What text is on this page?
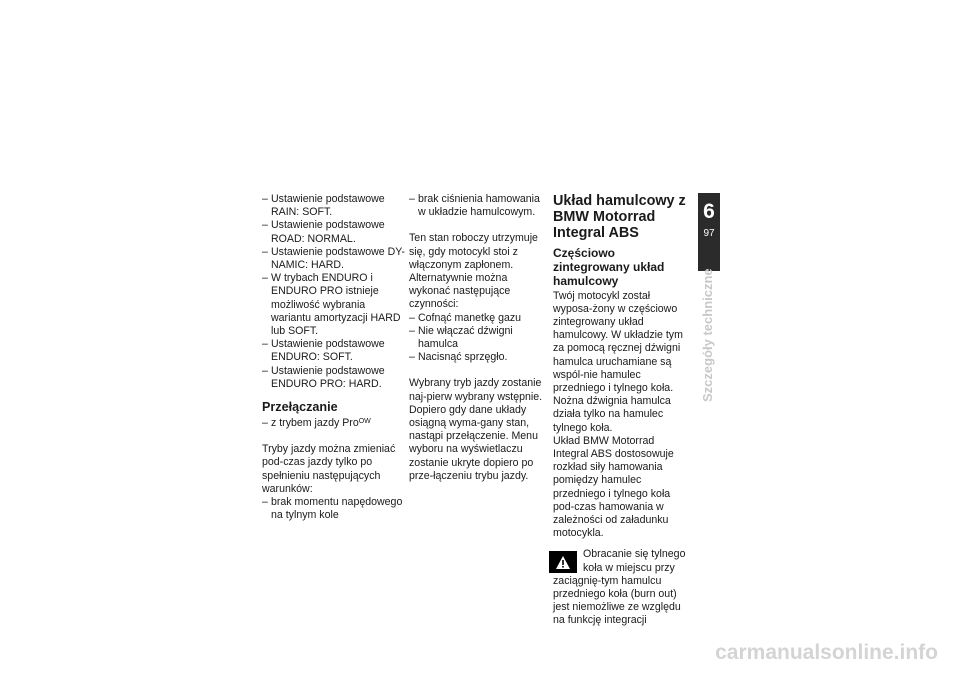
– Ustawienie podstawowe RAIN: SOFT.
– Ustawienie podstawowe ROAD: NORMAL.
– Ustawienie podstawowe DY-NAMIC: HARD.
– W trybach ENDURO i ENDURO PRO istnieje możliwość wybrania wariantu amortyzacji HARD lub SOFT.
– Ustawienie podstawowe ENDURO: SOFT.
– Ustawienie podstawowe ENDURO PRO: HARD.
Przełączanie
– z trybem jazdy Pro$^{OW}$

Tryby jazdy można zmieniać pod-czas jazdy tylko po spełnieniu następujących warunków:

– brak momentu napędowego na tylnym kole
– brak ciśnienia hamowania w układzie hamulcowym.

Ten stan roboczy utrzymuje się, gdy motocykl stoi z włączonym zapłonem. Alternatywnie można wykonać następujące czynności:

– Cofnąć manetkę gazu
– Nie włączać dźwigni hamulca
– Nacisnąć sprzęgło.

Wybrany tryb jazdy zostanie naj-pierw wybrany wstępnie. Dopiero gdy dane układy osiągną wyma-gany stan, nastąpi przełączenie. Menu wyboru na wyświetlaczu zostanie ukryte dopiero po prze-łączeniu trybu jazdy.

Układ hamulcowy z BMW Motorrad Integral ABS
Częściowo zintegrowany układ hamulcowy

Twój motocykl został wyposa-żony w częściowo zintegrowany układ hamulcowy. W układzie tym za pomocą ręcznej dźwigni hamulca uruchamiane są wspól-nie hamulec przedniego i tylnego koła. Nożna dźwignia hamulca działa tylko na hamulec tylnego koła.

Układ BMW Motorrad Integral ABS dostosowuje rozkład siły hamowania pomiędzy hamulec przedniego i tylnego koła pod-czas hamowania w zależności od załadunku motocykla.

Obracanie się tylnego koła w miejscu przy zaciągnię-tym hamulcu przedniego koła (burn out) jest niemożliwe ze względu na funkcję integracji
6
97
Szczegóły techniczne
carmanualsonline.info
